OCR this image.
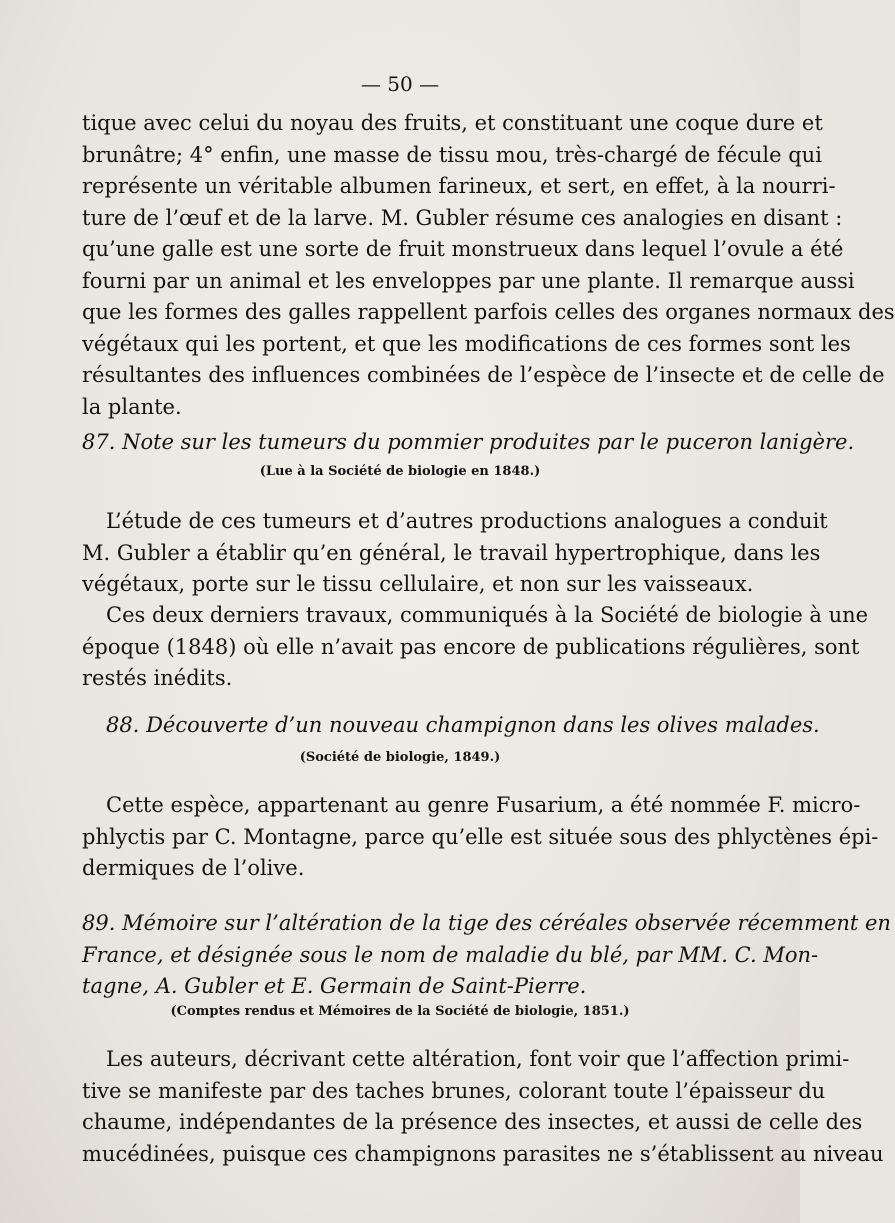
— 50 —
tique avec celui du noyau des fruits, et constituant une coque dure et
brunâtre; 4° enfin, une masse de tissu mou, très-chargé de fécule qui
représente un véritable albumen farineux, et sert, en effet, à la nourri-
ture de l’œuf et de la larve. M. Gubler résume ces analogies en disant :
qu’une galle est une sorte de fruit monstrueux dans lequel l’ovule a été
fourni par un animal et les enveloppes par une plante. Il remarque aussi
que les formes des galles rappellent parfois celles des organes normaux des
végétaux qui les portent, et que les modifications de ces formes sont les
résultantes des influences combinées de l’espèce de l’insecte et de celle de
la plante.
87. Note sur les tumeurs du pommier produites par le puceron lanigère.
(Lue à la Société de biologie en 1848.)
L’étude de ces tumeurs et d’autres productions analogues a conduit
M. Gubler a établir qu’en général, le travail hypertrophique, dans les
végétaux, porte sur le tissu cellulaire, et non sur les vaisseaux.
Ces deux derniers travaux, communiqués à la Société de biologie à une
époque (1848) où elle n’avait pas encore de publications régulières, sont
restés inédits.
88. Découverte d’un nouveau champignon dans les olives malades.
(Société de biologie, 1849.)
Cette espèce, appartenant au genre Fusarium, a été nommée F. micro-
phlyctis par C. Montagne, parce qu’elle est située sous des phlyctènes épi-
dermiques de l’olive.
89. Mémoire sur l’altération de la tige des céréales observée récemment en
France, et désignée sous le nom de maladie du blé, par MM. C. Mon-
tagne, A. Gubler et E. Germain de Saint-Pierre.
(Comptes rendus et Mémoires de la Société de biologie, 1851.)
Les auteurs, décrivant cette altération, font voir que l’affection primi-
tive se manifeste par des taches brunes, colorant toute l’épaisseur du
chaume, indépendantes de la présence des insectes, et aussi de celle des
mucédinées, puisque ces champignons parasites ne s’établissent au niveau
